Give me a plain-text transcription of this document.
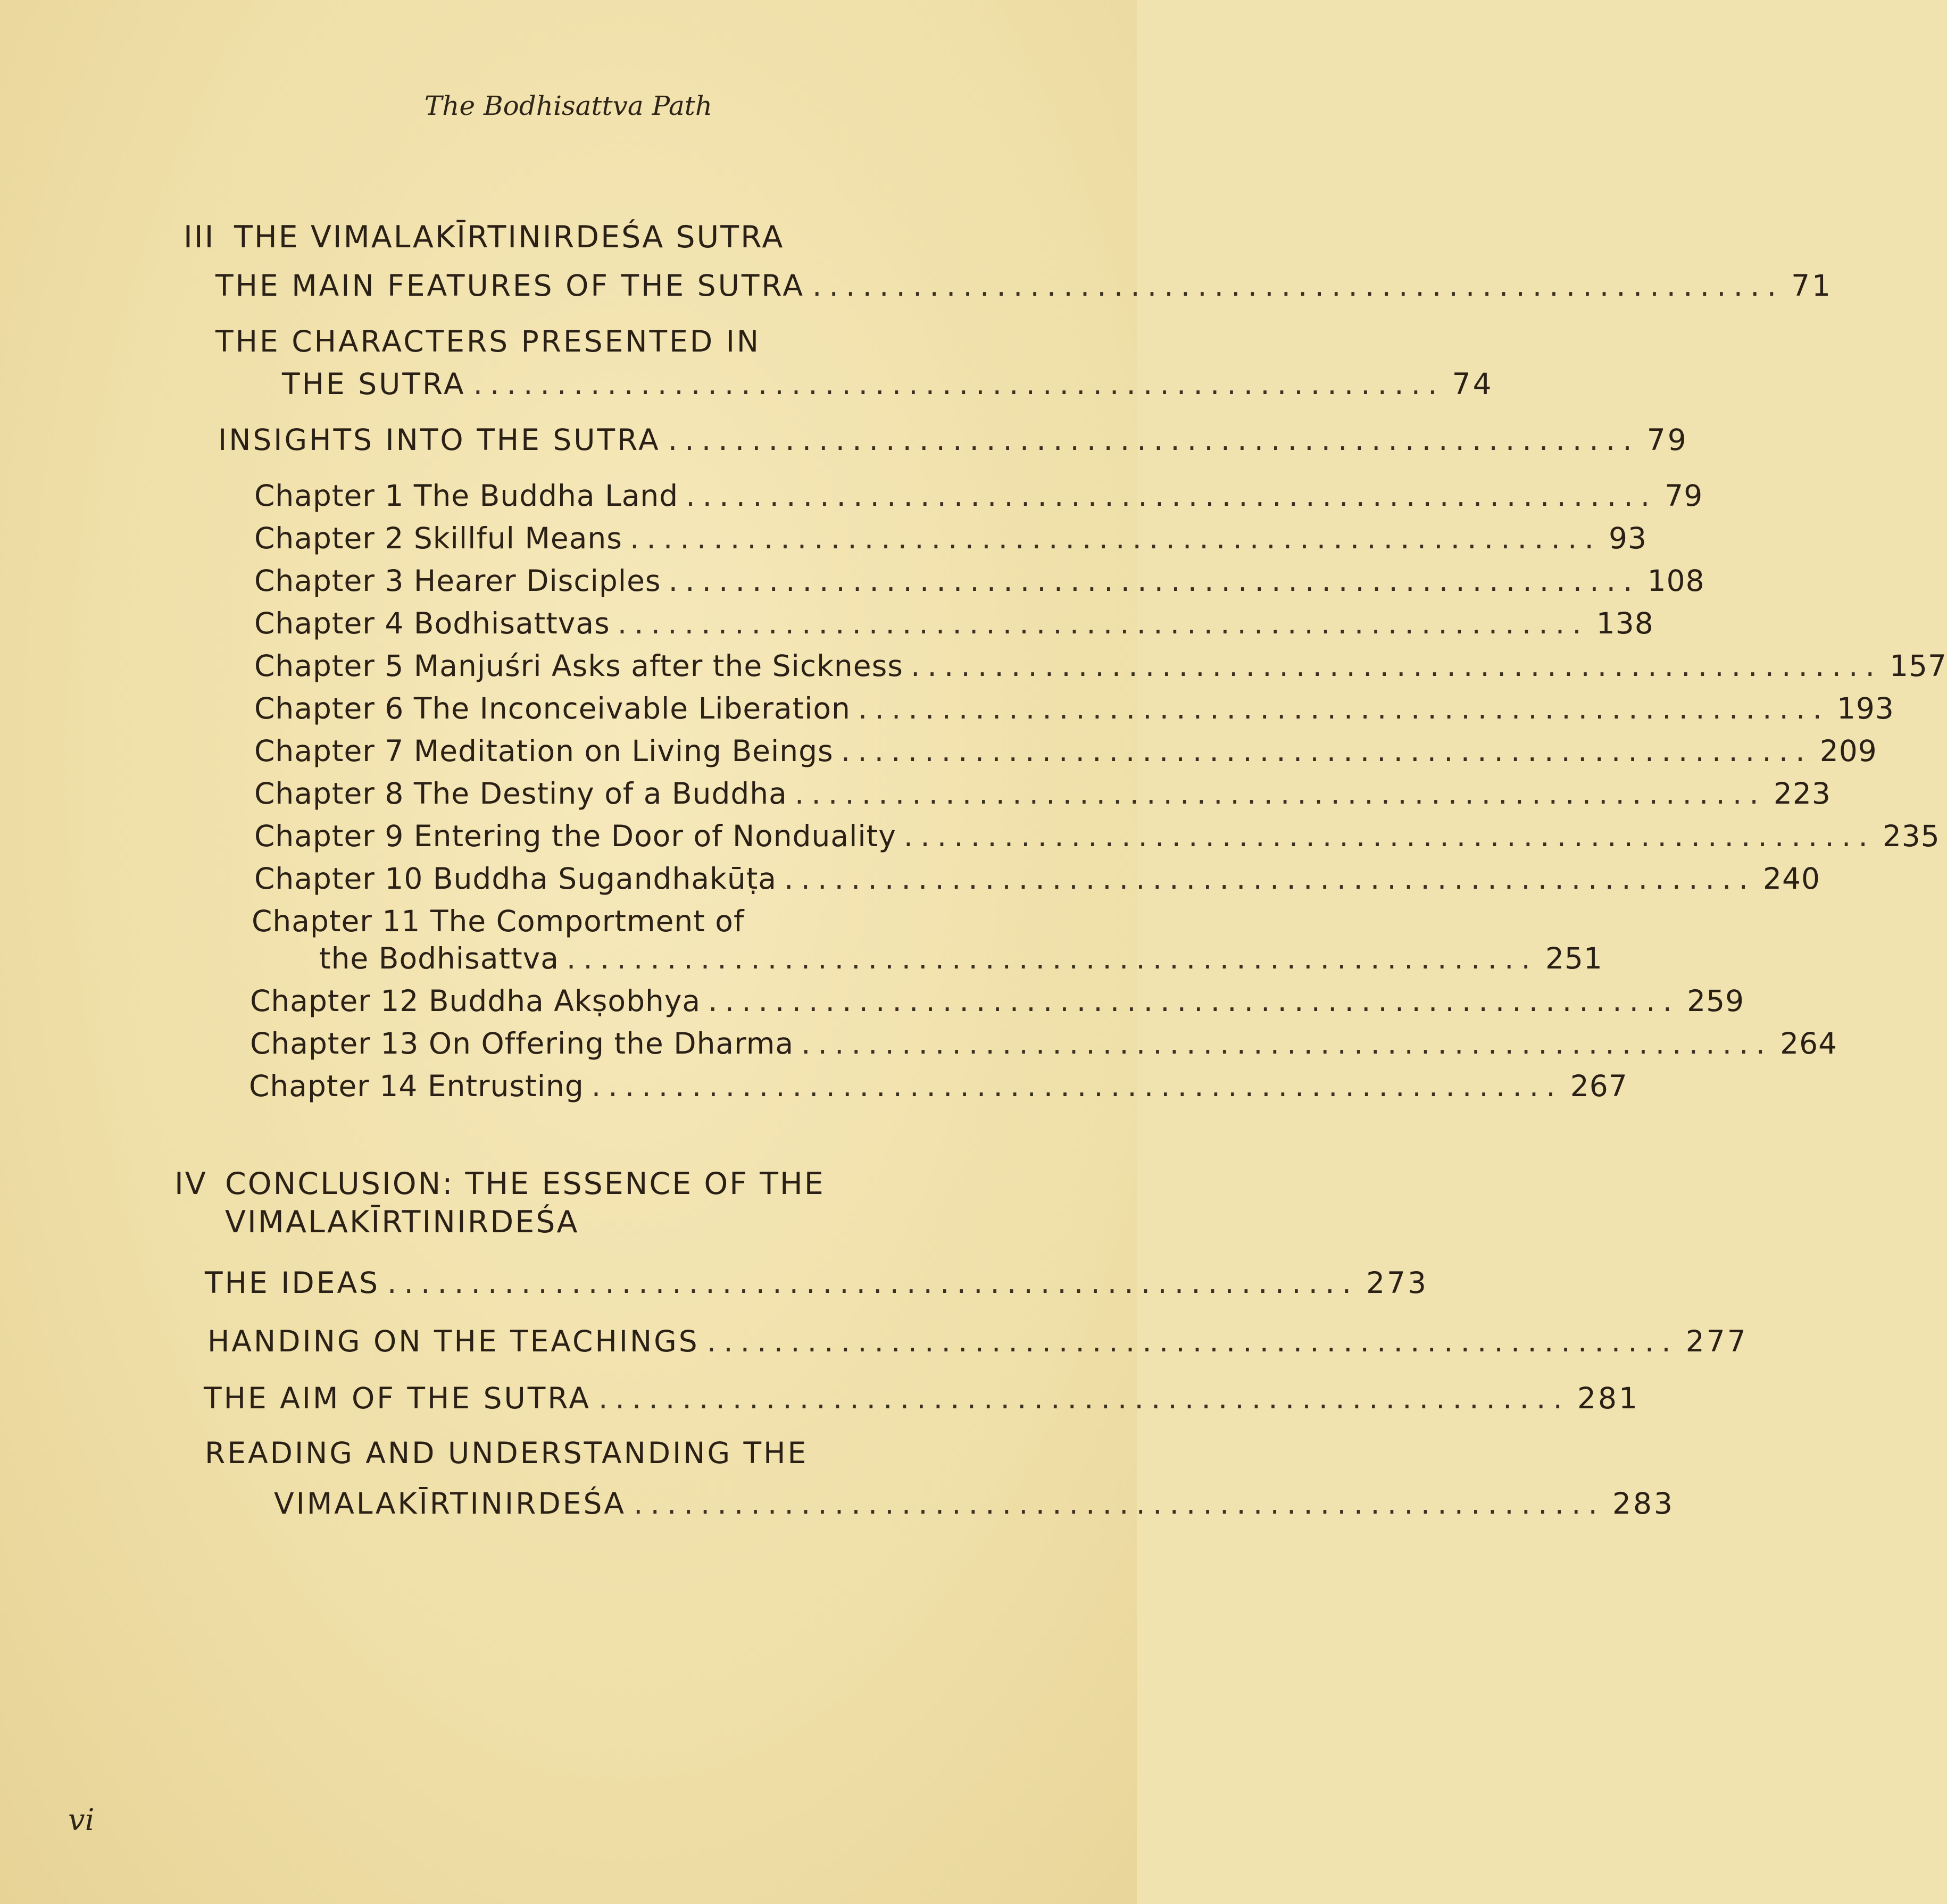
The Bodhisattva Path
III THE VIMALAKĪRTINIRDEŚA SUTRA
THE MAIN FEATURES OF THE SUTRA .......................................................... 71
THE CHARACTERS PRESENTED IN
THE SUTRA .......................................................... 74
INSIGHTS INTO THE SUTRA .......................................................... 79
Chapter 1 The Buddha Land .......................................................... 79
Chapter 2 Skillful Means .......................................................... 93
Chapter 3 Hearer Disciples .......................................................... 108
Chapter 4 Bodhisattvas .......................................................... 138
Chapter 5 Manjuśri Asks after the Sickness .......................................................... 157
Chapter 6 The Inconceivable Liberation .......................................................... 193
Chapter 7 Meditation on Living Beings .......................................................... 209
Chapter 8 The Destiny of a Buddha .......................................................... 223
Chapter 9 Entering the Door of Nonduality .......................................................... 235
Chapter 10 Buddha Sugandhakūṭa .......................................................... 240
Chapter 11 The Comportment of
the Bodhisattva .......................................................... 251
Chapter 12 Buddha Akṣobhya .......................................................... 259
Chapter 13 On Offering the Dharma .......................................................... 264
Chapter 14 Entrusting .......................................................... 267
IV CONCLUSION: THE ESSENCE OF THE
VIMALAKĪRTINIRDEŚA
THE IDEAS .......................................................... 273
HANDING ON THE TEACHINGS .......................................................... 277
THE AIM OF THE SUTRA .......................................................... 281
READING AND UNDERSTANDING THE
VIMALAKĪRTINIRDEŚA .......................................................... 283
vi
